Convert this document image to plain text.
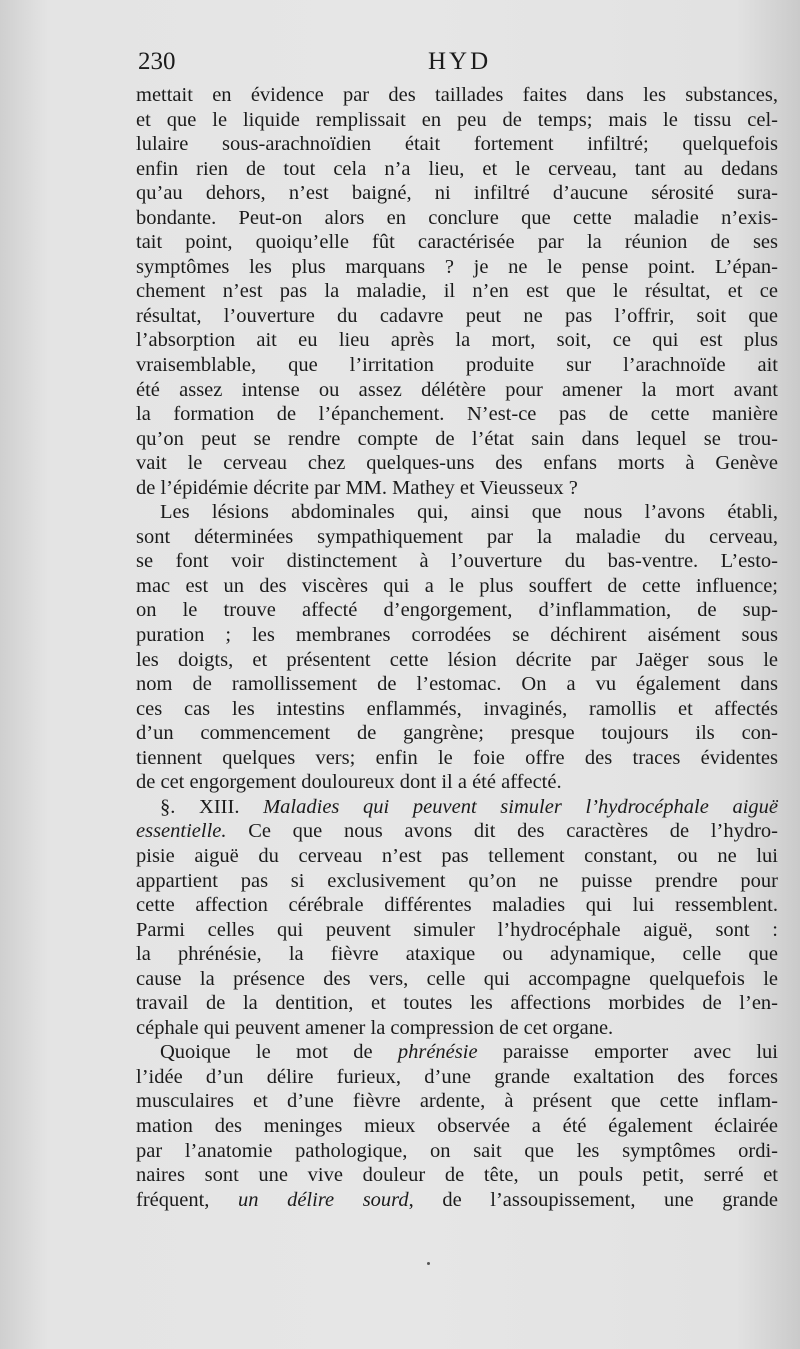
230	HYD
mettait en évidence par des taillades faites dans les substances,
et que le liquide remplissait en peu de temps; mais le tissu cel-
lulaire sous-arachnoïdien était fortement infiltré; quelquefois
enfin rien de tout cela n’a lieu, et le cerveau, tant au dedans
qu’au dehors, n’est baigné, ni infiltré d’aucune sérosité sura-
bondante. Peut-on alors en conclure que cette maladie n’exis-
tait point, quoiqu’elle fût caractérisée par la réunion de ses
symptômes les plus marquans ? je ne le pense point. L’épan-
chement n’est pas la maladie, il n’en est que le résultat, et ce
résultat, l’ouverture du cadavre peut ne pas l’offrir, soit que
l’absorption ait eu lieu après la mort, soit, ce qui est plus
vraisemblable, que l’irritation produite sur l’arachnoïde ait
été assez intense ou assez délétère pour amener la mort avant
la formation de l’épanchement. N’est-ce pas de cette manière
qu’on peut se rendre compte de l’état sain dans lequel se trou-
vait le cerveau chez quelques-uns des enfans morts à Genève
de l’épidémie décrite par MM. Mathey et Vieusseux ?
Les lésions abdominales qui, ainsi que nous l’avons établi,
sont déterminées sympathiquement par la maladie du cerveau,
se font voir distinctement à l’ouverture du bas-ventre. L’esto-
mac est un des viscères qui a le plus souffert de cette influence;
on le trouve affecté d’engorgement, d’inflammation, de sup-
puration ; les membranes corrodées se déchirent aisément sous
les doigts, et présentent cette lésion décrite par Jaëger sous le
nom de ramollissement de l’estomac. On a vu également dans
ces cas les intestins enflammés, invaginés, ramollis et affectés
d’un commencement de gangrène; presque toujours ils con-
tiennent quelques vers; enfin le foie offre des traces évidentes
de cet engorgement douloureux dont il a été affecté.
§. XIII. Maladies qui peuvent simuler l’hydrocéphale aiguë
essentielle. Ce que nous avons dit des caractères de l’hydro-
pisie aiguë du cerveau n’est pas tellement constant, ou ne lui
appartient pas si exclusivement qu’on ne puisse prendre pour
cette affection cérébrale différentes maladies qui lui ressemblent.
Parmi celles qui peuvent simuler l’hydrocéphale aiguë, sont :
la phrénésie, la fièvre ataxique ou adynamique, celle que
cause la présence des vers, celle qui accompagne quelquefois le
travail de la dentition, et toutes les affections morbides de l’en-
céphale qui peuvent amener la compression de cet organe.
Quoique le mot de phrénésie paraisse emporter avec lui
l’idée d’un délire furieux, d’une grande exaltation des forces
musculaires et d’une fièvre ardente, à présent que cette inflam-
mation des meninges mieux observée a été également éclairée
par l’anatomie pathologique, on sait que les symptômes ordi-
naires sont une vive douleur de tête, un pouls petit, serré et
fréquent, un délire sourd, de l’assoupissement, une grande
